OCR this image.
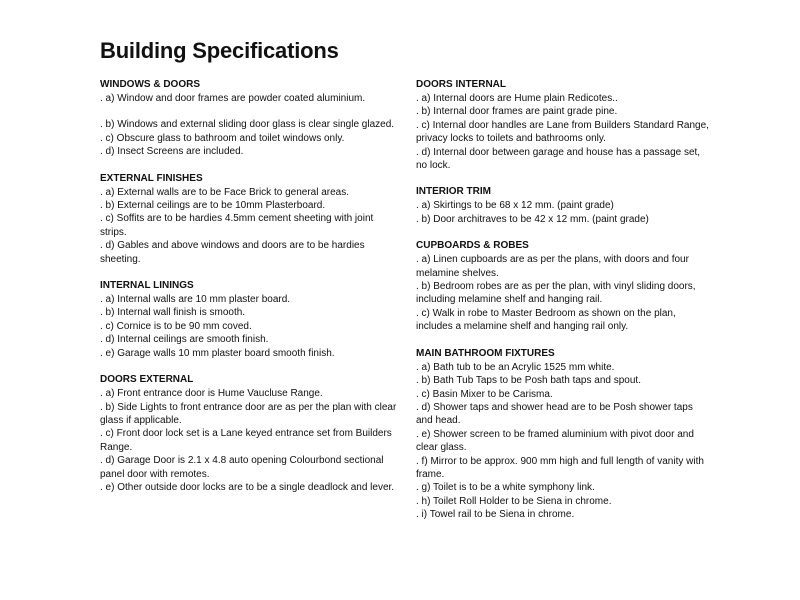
Building Specifications
WINDOWS & DOORS
. a) Window and door frames are powder coated aluminium.
. b) Windows and external sliding door glass is clear single glazed.
. c) Obscure glass to bathroom and toilet windows only.
. d) Insect Screens are included.
EXTERNAL FINISHES
. a) External walls are to be Face Brick to general areas.
. b) External ceilings are to be 10mm Plasterboard.
. c) Soffits are to be hardies 4.5mm cement sheeting with joint strips.
. d) Gables and above windows and doors are to be hardies sheeting.
INTERNAL LININGS
. a) Internal walls are 10 mm plaster board.
. b) Internal wall finish is smooth.
. c) Cornice is to be 90 mm coved.
. d) Internal ceilings are smooth finish.
. e) Garage walls 10 mm plaster board smooth finish.
DOORS EXTERNAL
. a) Front entrance door is Hume Vaucluse Range.
. b) Side Lights to front entrance door are as per the plan with clear glass if applicable.
. c) Front door lock set is a Lane keyed entrance set from Builders Range.
. d) Garage Door is 2.1 x 4.8 auto opening Colourbond sectional panel door with remotes.
. e) Other outside door locks are to be a single deadlock and lever.
DOORS INTERNAL
. a) Internal doors are Hume plain Redicotes..
. b) Internal door frames are paint grade pine.
. c) Internal door handles are Lane from Builders Standard Range, privacy locks to toilets and bathrooms only.
. d) Internal door between garage and house has a passage set, no lock.
INTERIOR TRIM
. a) Skirtings to be 68 x 12 mm. (paint grade)
. b) Door architraves to be 42 x 12 mm. (paint grade)
CUPBOARDS & ROBES
. a) Linen cupboards are as per the plans, with doors and four melamine shelves.
. b) Bedroom robes are as per the plan, with vinyl sliding doors, including melamine shelf and hanging rail.
. c) Walk in robe to Master Bedroom as shown on the plan, includes a melamine shelf and hanging rail only.
MAIN BATHROOM FIXTURES
. a) Bath tub to be an Acrylic 1525 mm white.
. b) Bath Tub Taps to be Posh bath taps and spout.
. c) Basin Mixer to be Carisma.
. d) Shower taps and shower head are to be Posh shower taps and head.
. e) Shower screen to be framed aluminium with pivot door and clear glass.
. f) Mirror to be approx. 900 mm high and full length of vanity with frame.
. g) Toilet is to be a white symphony link.
. h) Toilet Roll Holder to be Siena in chrome.
. i) Towel rail to be Siena in chrome.
